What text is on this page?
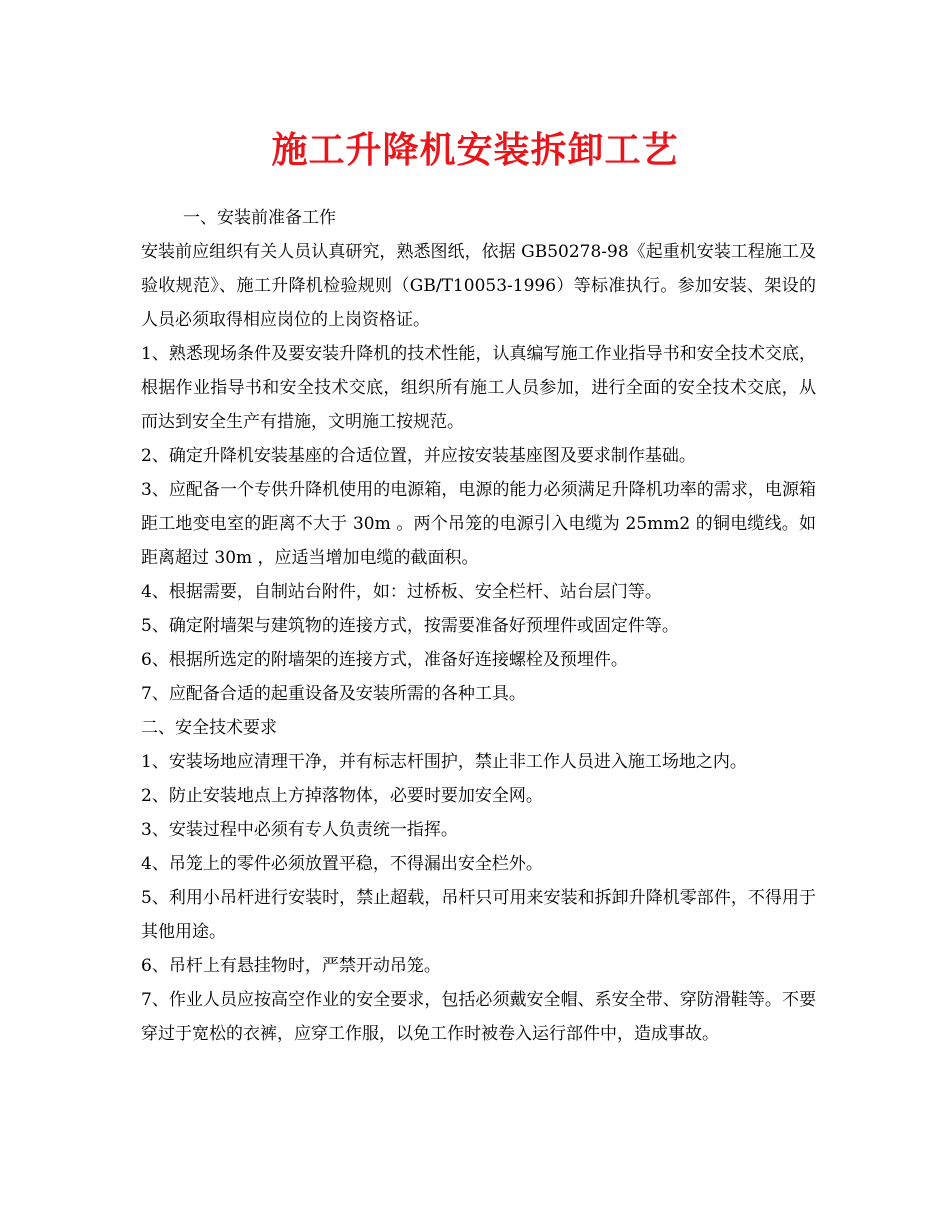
施工升降机安装拆卸工艺

一、安装前准备工作

安装前应组织有关人员认真研究，熟悉图纸，依据 GB50278-98《起重机安装工程施工及验收规范》、施工升降机检验规则（GB/T10053-1996）等标准执行。参加安装、架设的人员必须取得相应岗位的上岗资格证。

1、熟悉现场条件及要安装升降机的技术性能，认真编写施工作业指导书和安全技术交底，根据作业指导书和安全技术交底，组织所有施工人员参加，进行全面的安全技术交底，从而达到安全生产有措施，文明施工按规范。

2、确定升降机安装基座的合适位置，并应按安装基座图及要求制作基础。

3、应配备一个专供升降机使用的电源箱，电源的能力必须满足升降机功率的需求，电源箱距工地变电室的距离不大于 30m 。两个吊笼的电源引入电缆为 25mm2 的铜电缆线。如距离超过 30m ，应适当增加电缆的截面积。

4、根据需要，自制站台附件，如：过桥板、安全栏杆、站台层门等。

5、确定附墙架与建筑物的连接方式，按需要准备好预埋件或固定件等。

6、根据所选定的附墙架的连接方式，准备好连接螺栓及预埋件。

7、应配备合适的起重设备及安装所需的各种工具。

二、安全技术要求

1、安装场地应清理干净，并有标志杆围护，禁止非工作人员进入施工场地之内。

2、防止安装地点上方掉落物体，必要时要加安全网。

3、安装过程中必须有专人负责统一指挥。

4、吊笼上的零件必须放置平稳，不得漏出安全栏外。

5、利用小吊杆进行安装时，禁止超载，吊杆只可用来安装和拆卸升降机零部件，不得用于其他用途。

6、吊杆上有悬挂物时，严禁开动吊笼。

7、作业人员应按高空作业的安全要求，包括必须戴安全帽、系安全带、穿防滑鞋等。不要穿过于宽松的衣裤，应穿工作服，以免工作时被卷入运行部件中，造成事故。
